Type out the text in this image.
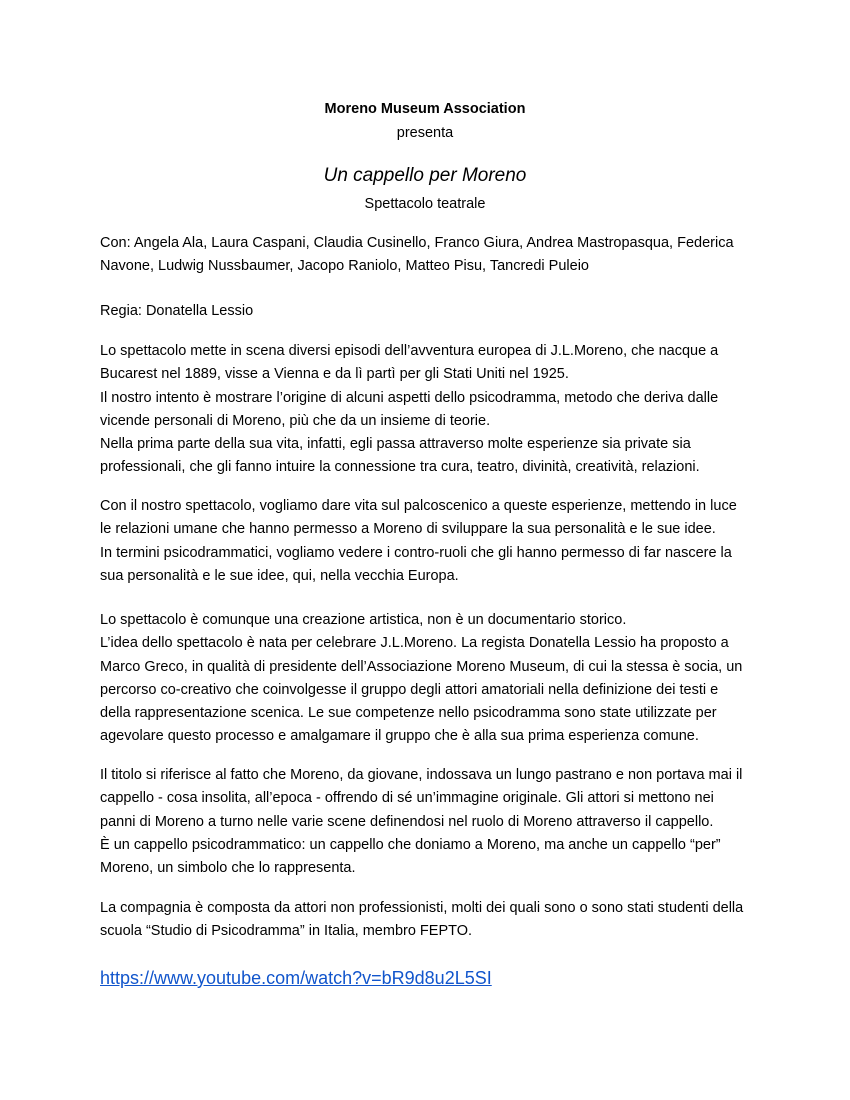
Moreno Museum Association
presenta
Un cappello per Moreno
Spettacolo teatrale

Con: Angela Ala, Laura Caspani, Claudia Cusinello, Franco Giura, Andrea Mastropasqua, Federica

Navone, Ludwig Nussbaumer, Jacopo Raniolo, Matteo Pisu, Tancredi Puleio

Regia: Donatella Lessio

Lo spettacolo mette in scena diversi episodi dell’avventura europea di J.L.Moreno, che nacque a

Bucarest nel 1889, visse a Vienna e da lì partì per gli Stati Uniti nel 1925.

Il nostro intento è mostrare l’origine di alcuni aspetti dello psicodramma, metodo che deriva dalle

vicende personali di Moreno, più che da un insieme di teorie.

Nella prima parte della sua vita, infatti, egli passa attraverso molte esperienze sia private sia

professionali, che gli fanno intuire la connessione tra cura, teatro, divinità, creatività, relazioni.

Con il nostro spettacolo, vogliamo dare vita sul palcoscenico a queste esperienze, mettendo in luce

le relazioni umane che hanno permesso a Moreno di sviluppare la sua personalità e le sue idee.

In termini psicodrammatici, vogliamo vedere i contro-ruoli che gli hanno permesso di far nascere la

sua personalità e le sue idee, qui, nella vecchia Europa.

Lo spettacolo è comunque una creazione artistica, non è un documentario storico.

L’idea dello spettacolo è nata per celebrare J.L.Moreno. La regista Donatella Lessio ha proposto a

Marco Greco, in qualità di presidente dell’Associazione Moreno Museum, di cui la stessa è socia, un

percorso co-creativo che coinvolgesse il gruppo degli attori amatoriali nella definizione dei testi e

della rappresentazione scenica. Le sue competenze nello psicodramma sono state utilizzate per

agevolare questo processo e amalgamare il gruppo che è alla sua prima esperienza comune.

Il titolo si riferisce al fatto che Moreno, da giovane, indossava un lungo pastrano e non portava mai il

cappello - cosa insolita, all’epoca - offrendo di sé un’immagine originale. Gli attori si mettono nei

panni di Moreno a turno nelle varie scene definendosi nel ruolo di Moreno attraverso il cappello.

È un cappello psicodrammatico: un cappello che doniamo a Moreno, ma anche un cappello “per”

Moreno, un simbolo che lo rappresenta.

La compagnia è composta da attori non professionisti, molti dei quali sono o sono stati studenti della

scuola “Studio di Psicodramma” in Italia, membro FEPTO.

https://www.youtube.com/watch?v=bR9d8u2L5SI
